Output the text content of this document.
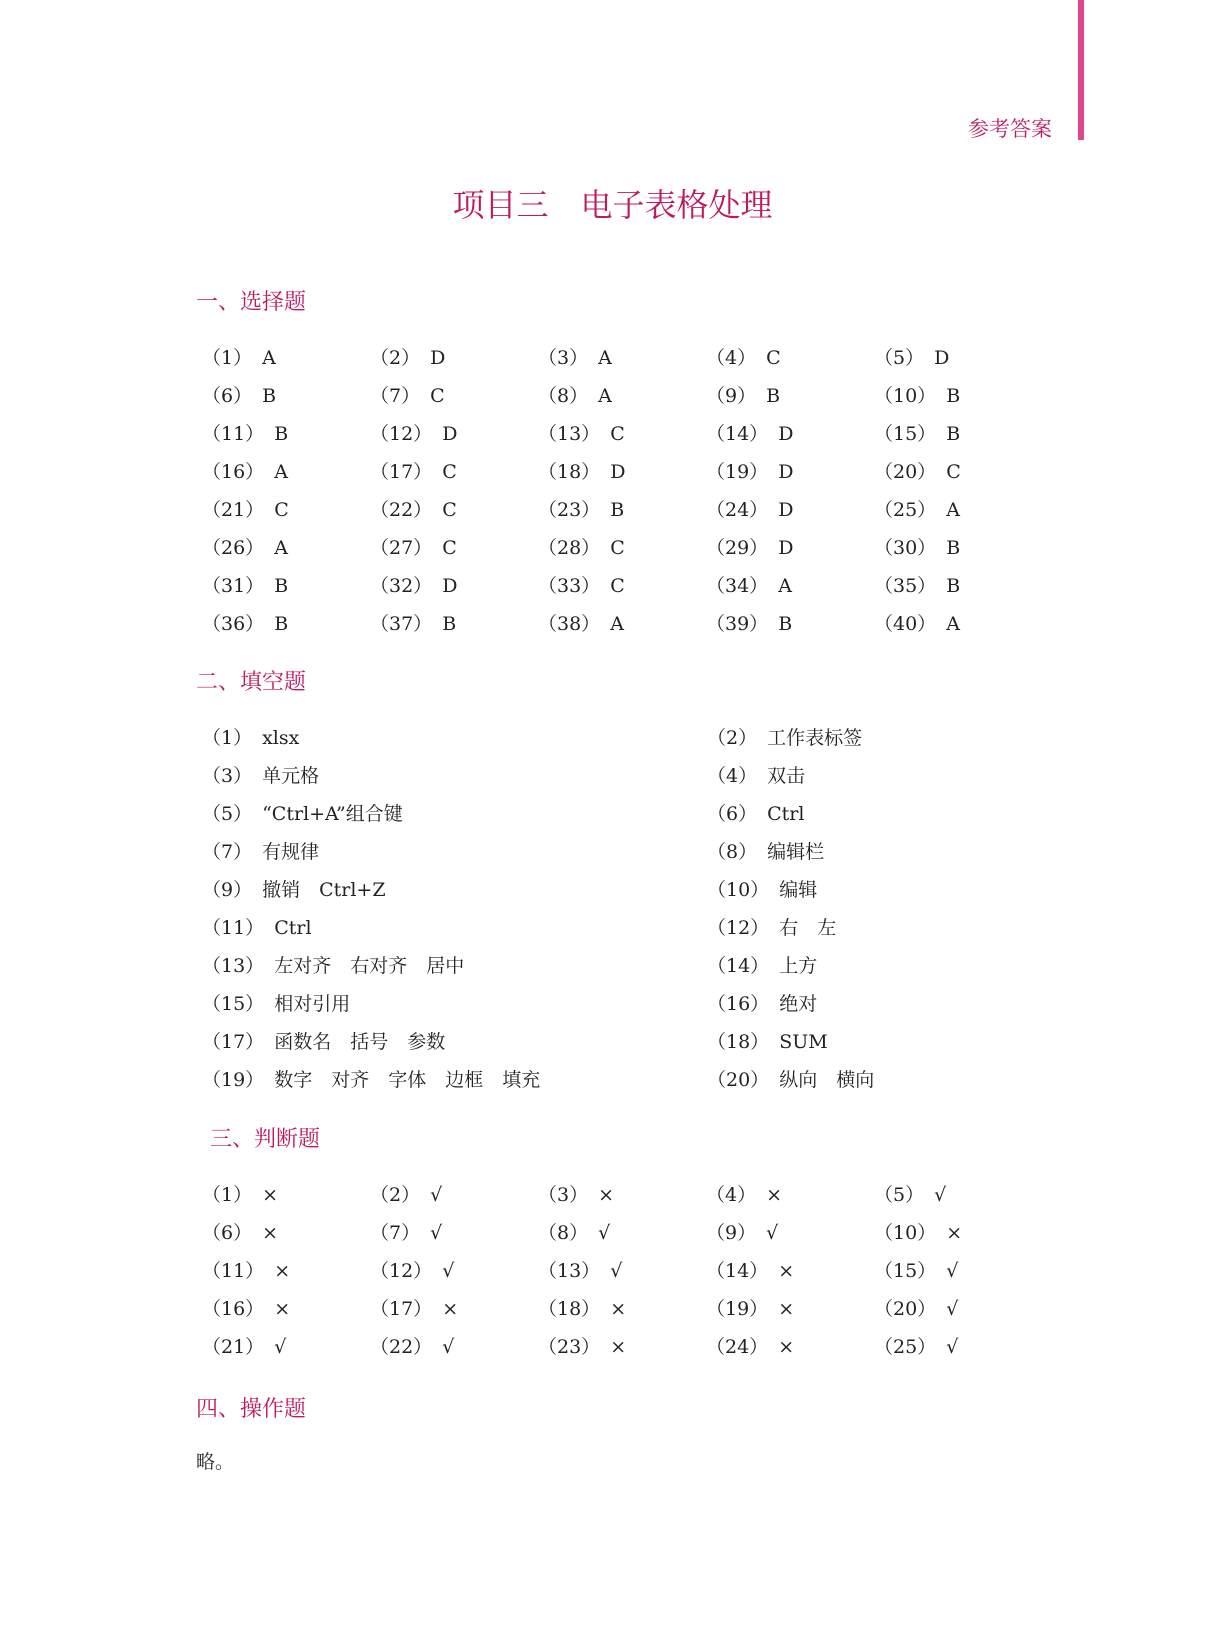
参考答案
项目三　电子表格处理
一、选择题
（1） A	（2） D	（3） A	（4） C	（5） D
（6） B	（7） C	（8） A	（9） B	（10） B
（11） B	（12） D	（13） C	（14） D	（15） B
（16） A	（17） C	（18） D	（19） D	（20） C
（21） C	（22） C	（23） B	（24） D	（25） A
（26） A	（27） C	（28） C	（29） D	（30） B
（31） B	（32） D	（33） C	（34） A	（35） B
（36） B	（37） B	（38） A	（39） B	（40） A
二、填空题
（1） xlsx	（2） 工作表标签
（3） 单元格	（4） 双击
（5） “Ctrl+A”组合键	（6） Ctrl
（7） 有规律	（8） 编辑栏
（9） 撤销　Ctrl+Z	（10） 编辑
（11） Ctrl	（12） 右　左
（13） 左对齐　右对齐　居中	（14） 上方
（15） 相对引用	（16） 绝对
（17） 函数名　括号　参数	（18） SUM
（19） 数字　对齐　字体　边框　填充	（20） 纵向　横向
三、判断题
（1） ×	（2） √	（3） ×	（4） ×	（5） √
（6） ×	（7） √	（8） √	（9） √	（10） ×
（11） ×	（12） √	（13） √	（14） ×	（15） √
（16） ×	（17） ×	（18） ×	（19） ×	（20） √
（21） √	（22） √	（23） ×	（24） ×	（25） √
四、操作题
略。
